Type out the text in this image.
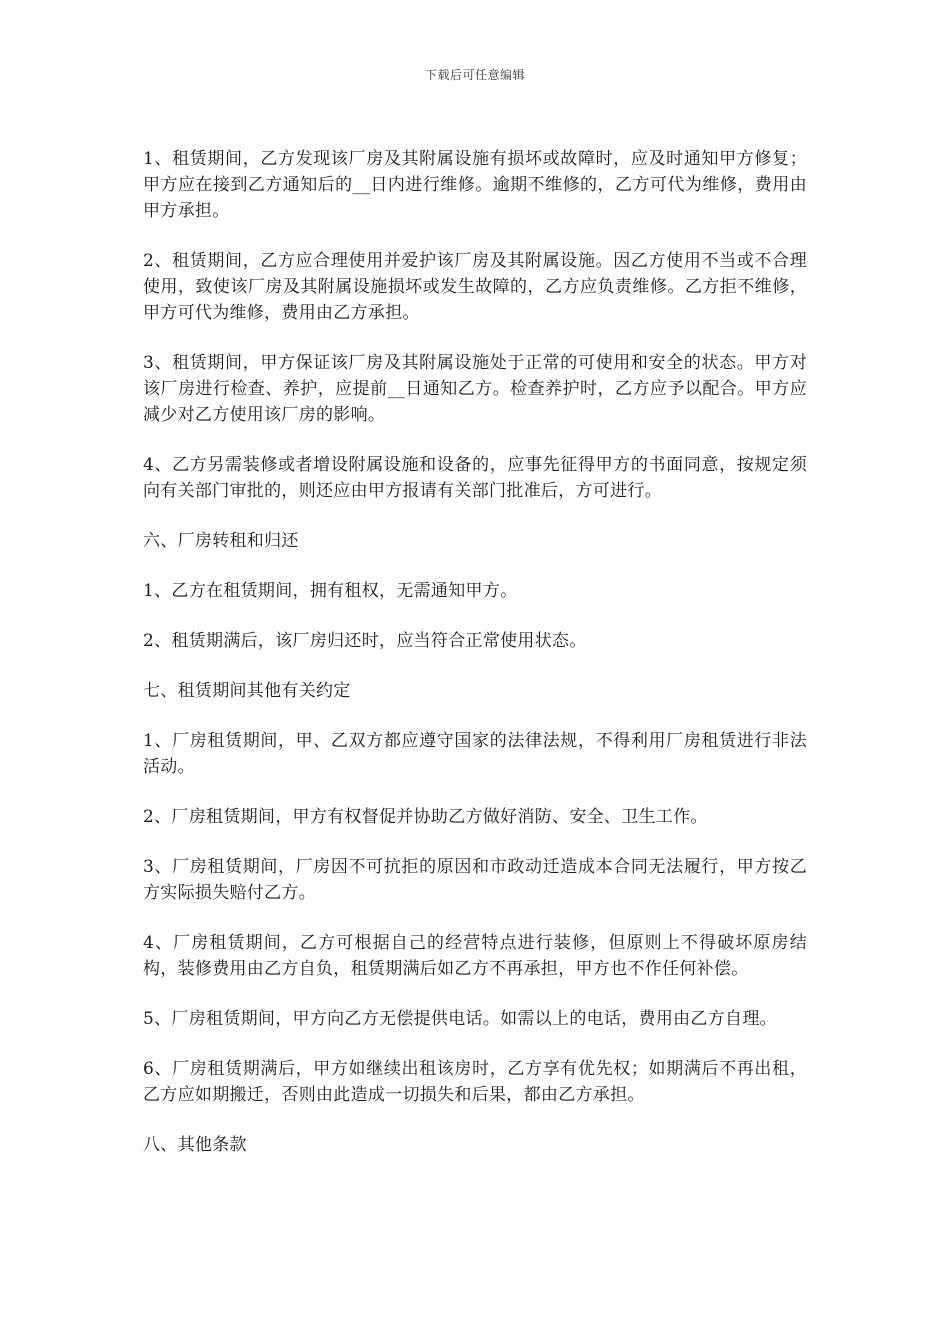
下载后可任意编辑

1、租赁期间，乙方发现该厂房及其附属设施有损坏或故障时，应及时通知甲方修复；甲方应在接到乙方通知后的__日内进行维修。逾期不维修的，乙方可代为维修，费用由甲方承担。

2、租赁期间，乙方应合理使用并爱护该厂房及其附属设施。因乙方使用不当或不合理使用，致使该厂房及其附属设施损坏或发生故障的，乙方应负责维修。乙方拒不维修，甲方可代为维修，费用由乙方承担。

3、租赁期间，甲方保证该厂房及其附属设施处于正常的可使用和安全的状态。甲方对该厂房进行检查、养护，应提前__日通知乙方。检查养护时，乙方应予以配合。甲方应减少对乙方使用该厂房的影响。

4、乙方另需装修或者增设附属设施和设备的，应事先征得甲方的书面同意，按规定须向有关部门审批的，则还应由甲方报请有关部门批准后，方可进行。

六、厂房转租和归还

1、乙方在租赁期间，拥有租权，无需通知甲方。

2、租赁期满后，该厂房归还时，应当符合正常使用状态。

七、租赁期间其他有关约定

1、厂房租赁期间，甲、乙双方都应遵守国家的法律法规，不得利用厂房租赁进行非法活动。

2、厂房租赁期间，甲方有权督促并协助乙方做好消防、安全、卫生工作。

3、厂房租赁期间，厂房因不可抗拒的原因和市政动迁造成本合同无法履行，甲方按乙方实际损失赔付乙方。

4、厂房租赁期间，乙方可根据自己的经营特点进行装修，但原则上不得破坏原房结构，装修费用由乙方自负，租赁期满后如乙方不再承担，甲方也不作任何补偿。

5、厂房租赁期间，甲方向乙方无偿提供电话。如需以上的电话，费用由乙方自理。

6、厂房租赁期满后，甲方如继续出租该房时，乙方享有优先权；如期满后不再出租，乙方应如期搬迁，否则由此造成一切损失和后果，都由乙方承担。

八、其他条款
